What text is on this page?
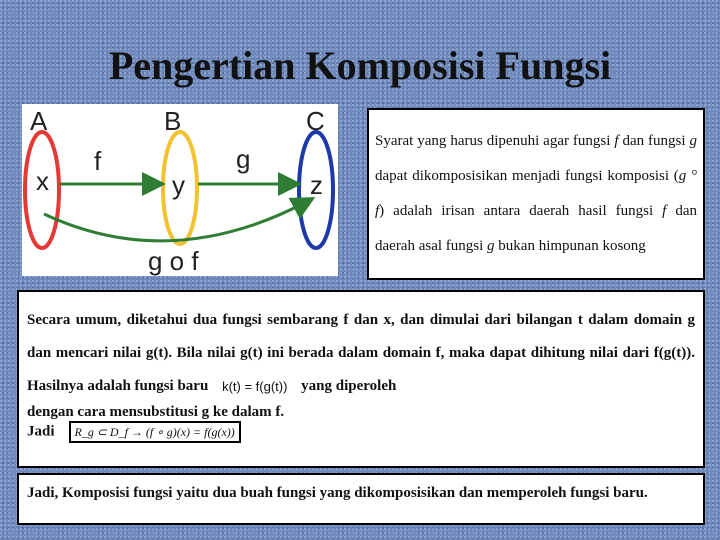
Pengertian Komposisi Fungsi
A	B	C
x	y	z
f	g
g o f
Syarat yang harus dipenuhi agar fungsi f dan fungsi g dapat dikomposisikan menjadi fungsi komposisi (g ° f) adalah irisan antara daerah hasil fungsi f dan daerah asal fungsi g bukan himpunan kosong
Secara umum, diketahui dua fungsi sembarang f dan x, dan dimulai dari bilangan t dalam domain g dan mencari nilai g(t). Bila nilai g(t) ini berada dalam domain f, maka dapat dihitung nilai dari f(g(t)). Hasilnya adalah fungsi baru k(t) = f(g(t)) yang diperoleh
dengan cara mensubstitusi g ke dalam f.
Jadi R_g ⊂ D_f → (f ∘ g)(x) = f(g(x))
Jadi, Komposisi fungsi yaitu dua buah fungsi yang dikomposisikan dan memperoleh fungsi baru.
